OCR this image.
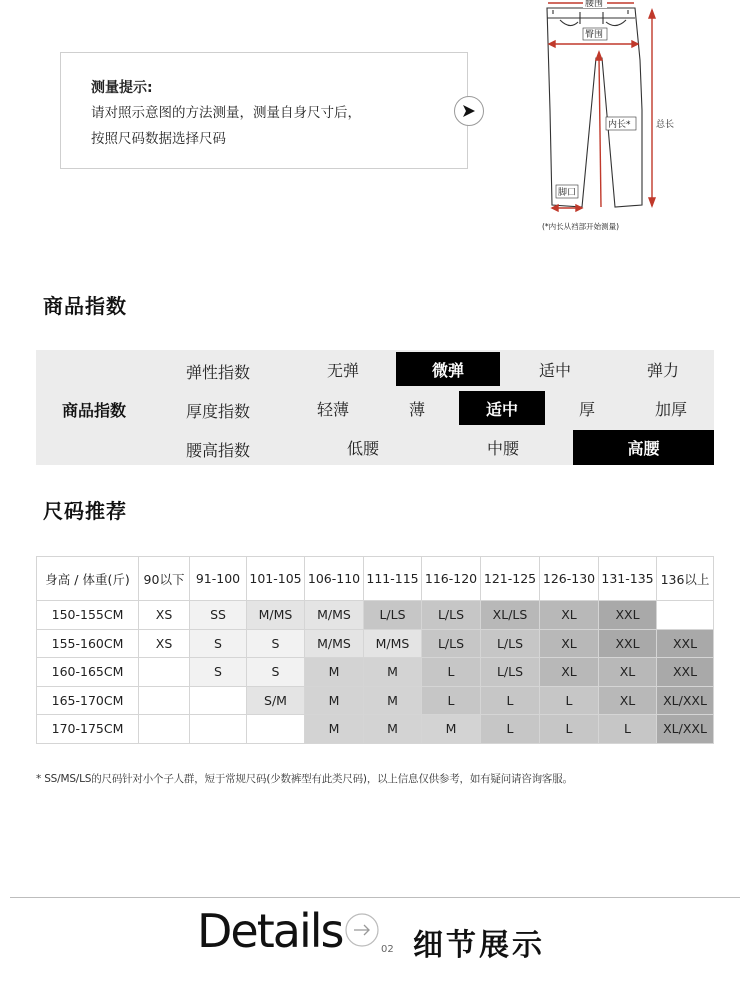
测量提示:
请对照示意图的方法测量，测量自身尺寸后，
按照尺码数据选择尺码
腰围
臀围
内长*	总长
脚口
(*内长从裆部开始测量)
商品指数
商品指数
弹性指数	无弹	微弹	适中	弹力
厚度指数	轻薄	薄	适中	厚	加厚
腰高指数	低腰	中腰	高腰
尺码推荐
身高 / 体重(斤)	90以下	91-100	101-105	106-110	111-115	116-120	121-125	126-130	131-135	136以上
150-155CM	XS	SS	M/MS	M/MS	L/LS	L/LS	XL/LS	XL	XXL	
155-160CM	XS	S	S	M/MS	M/MS	L/LS	L/LS	XL	XXL	XXL
160-165CM		S	S	M	M	L	L/LS	XL	XL	XXL
165-170CM			S/M	M	M	L	L	L	XL	XL/XXL
170-175CM				M	M	M	L	L	L	XL/XXL
* SS/MS/LS的尺码针对小个子人群，短于常规尺码(少数裤型有此类尺码)，以上信息仅供参考，如有疑问请咨询客服。
Details	02 细节展示
